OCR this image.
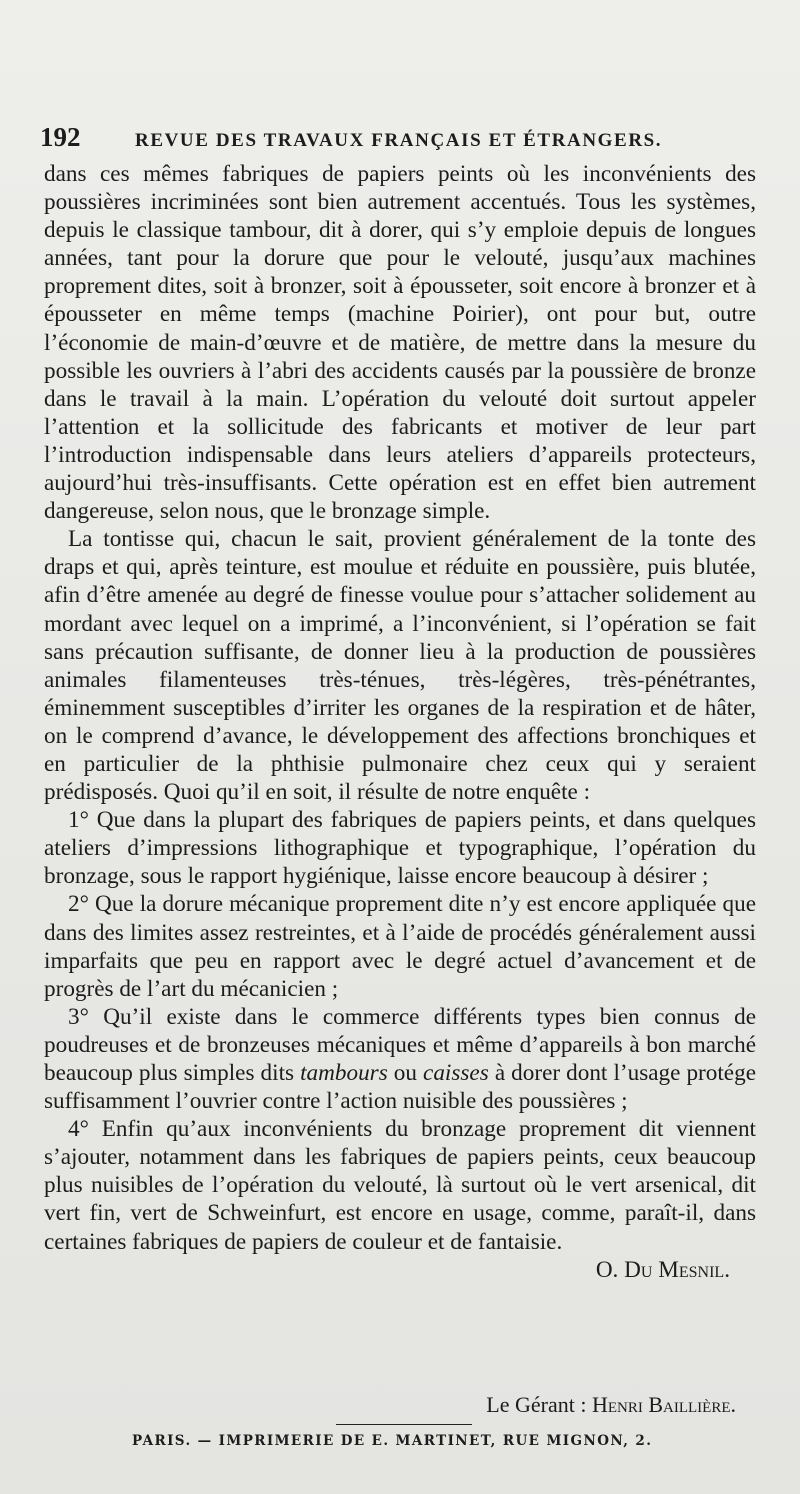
192	REVUE DES TRAVAUX FRANÇAIS ET ÉTRANGERS.

dans ces mêmes fabriques de papiers peints où les inconvénients des poussières incriminées sont bien autrement accentués. Tous les systèmes, depuis le classique tambour, dit à dorer, qui s’y emploie depuis de longues années, tant pour la dorure que pour le velouté, jusqu’aux machines proprement dites, soit à bronzer, soit à épousseter, soit encore à bronzer et à épousseter en même temps (machine Poirier), ont pour but, outre l’économie de main-d’œuvre et de matière, de mettre dans la mesure du possible les ouvriers à l’abri des accidents causés par la poussière de bronze dans le travail à la main. L’opération du velouté doit surtout appeler l’attention et la sollicitude des fabricants et motiver de leur part l’introduction indispensable dans leurs ateliers d’appareils protecteurs, aujourd’hui très-insuffisants. Cette opération est en effet bien autrement dangereuse, selon nous, que le bronzage simple.

La tontisse qui, chacun le sait, provient généralement de la tonte des draps et qui, après teinture, est moulue et réduite en poussière, puis blutée, afin d’être amenée au degré de finesse voulue pour s’attacher solidement au mordant avec lequel on a imprimé, a l’inconvénient, si l’opération se fait sans précaution suffisante, de donner lieu à la production de poussières animales filamenteuses très-ténues, très-légères, très-pénétrantes, éminemment susceptibles d’irriter les organes de la respiration et de hâter, on le comprend d’avance, le développement des affections bronchiques et en particulier de la phthisie pulmonaire chez ceux qui y seraient prédisposés. Quoi qu’il en soit, il résulte de notre enquête :

1° Que dans la plupart des fabriques de papiers peints, et dans quelques ateliers d’impressions lithographique et typographique, l’opération du bronzage, sous le rapport hygiénique, laisse encore beaucoup à désirer ;

2° Que la dorure mécanique proprement dite n’y est encore appliquée que dans des limites assez restreintes, et à l’aide de procédés généralement aussi imparfaits que peu en rapport avec le degré actuel d’avancement et de progrès de l’art du mécanicien ;

3° Qu’il existe dans le commerce différents types bien connus de poudreuses et de bronzeuses mécaniques et même d’appareils à bon marché beaucoup plus simples dits tambours ou caisses à dorer dont l’usage protége suffisamment l’ouvrier contre l’action nuisible des poussières ;

4° Enfin qu’aux inconvénients du bronzage proprement dit viennent s’ajouter, notamment dans les fabriques de papiers peints, ceux beaucoup plus nuisibles de l’opération du velouté, là surtout où le vert arsenical, dit vert fin, vert de Schweinfurt, est encore en usage, comme, paraît-il, dans certaines fabriques de papiers de couleur et de fantaisie.

O. Du Mesnil.

Le Gérant : Henri Baillière.
PARIS. — IMPRIMERIE DE E. MARTINET, RUE MIGNON, 2.
